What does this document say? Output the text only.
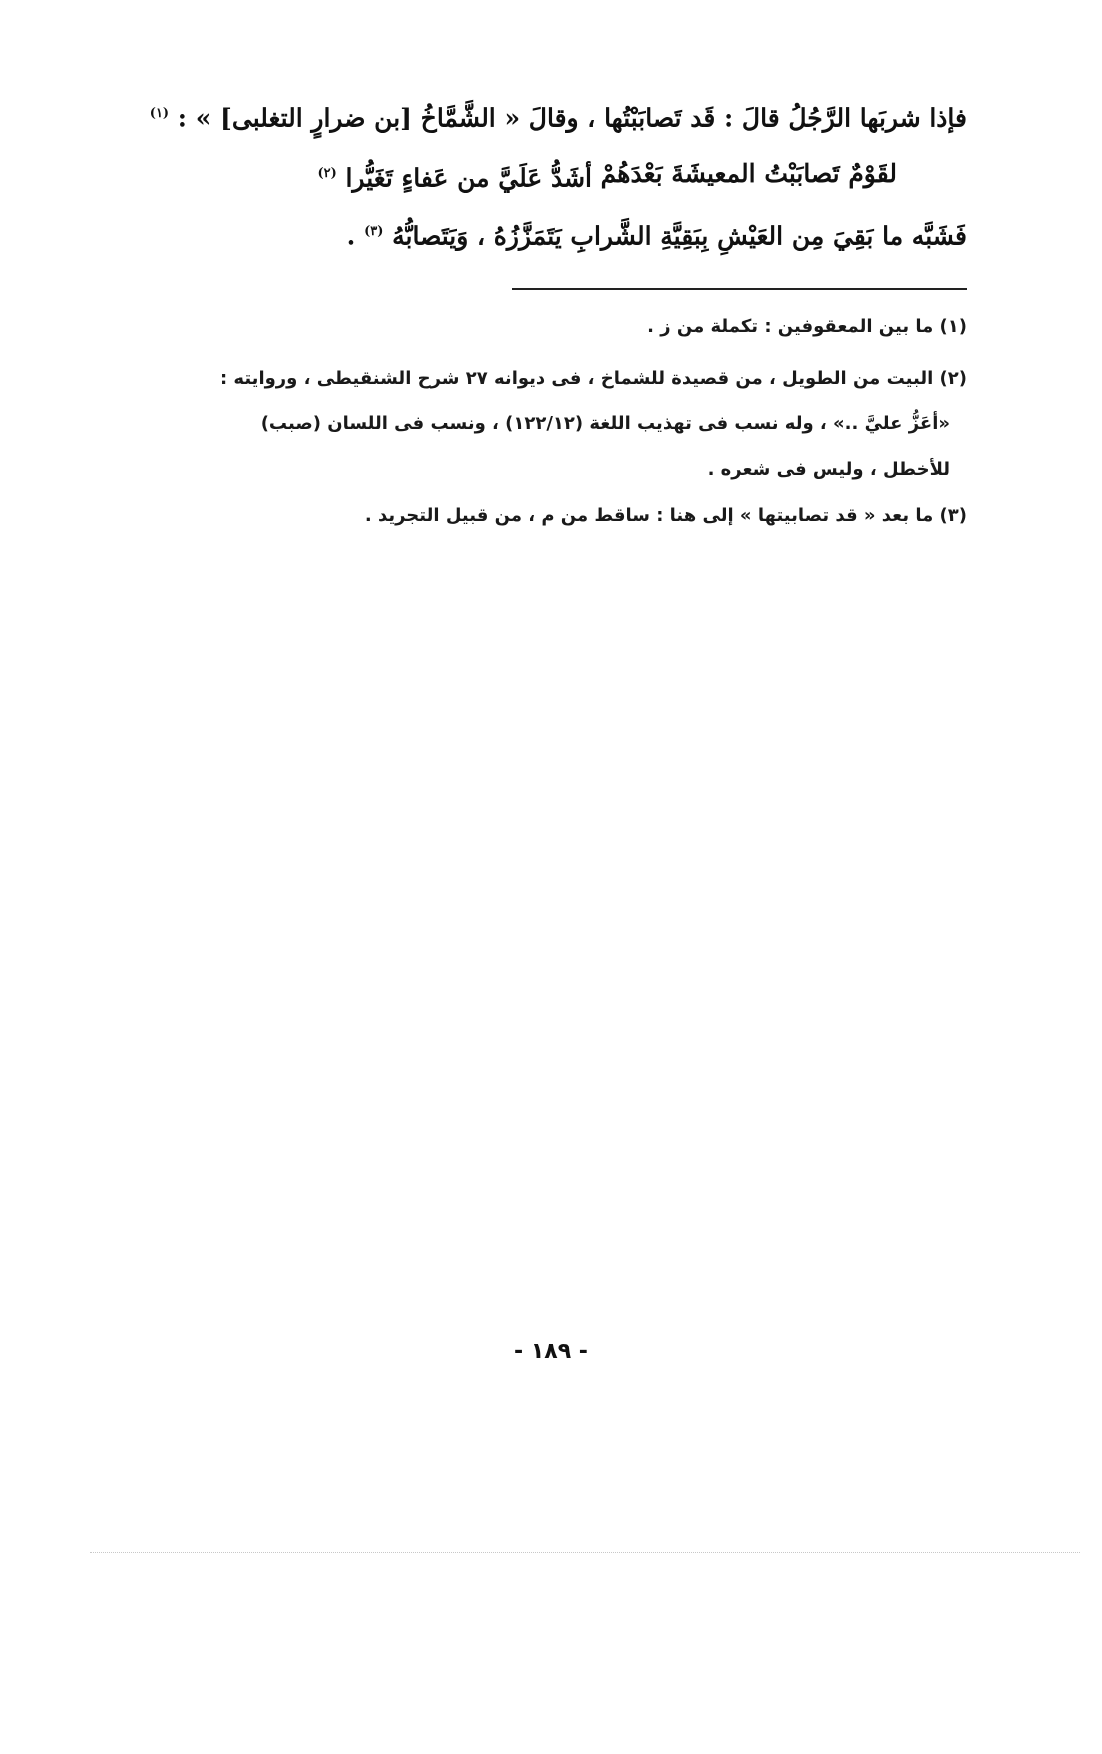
فإذا شربَها الرَّجُلُ قالَ : قَد تَصابَبْتُها ، وقالَ « الشَّمَّاخُ [بن ضرارٍ التغلبى] » : $^{(١)}$
لقَوْمٌ تَصابَبْتُ المعيشَةَ بَعْدَهُمْ
أشَدُّ عَلَيَّ من عَفاءٍ تَغَيُّرا $^{(٢)}$
فَشَبَّه ما بَقِيَ مِن العَيْشِ بِبَقِيَّةِ الشَّرابِ يَتَمَزَّزُهُ ، وَيَتَصابُّهُ $^{(٣)}$ .
(١) ما بين المعقوفين : تكملة من ز .
(٢) البيت من الطويل ، من قصيدة للشماخ ، فى ديوانه ٢٧ شرح الشنقيطى ، وروايته :
«أعَزُّ عليَّ ..» ، وله نسب فى تهذيب اللغة (١٢٢/١٢) ، ونسب فى اللسان (صبب)
للأخطل ، وليس فى شعره .
(٣) ما بعد « قد تصابيتها » إلى هنا : ساقط من م ، من قبيل التجريد .
- ١٨٩ -
